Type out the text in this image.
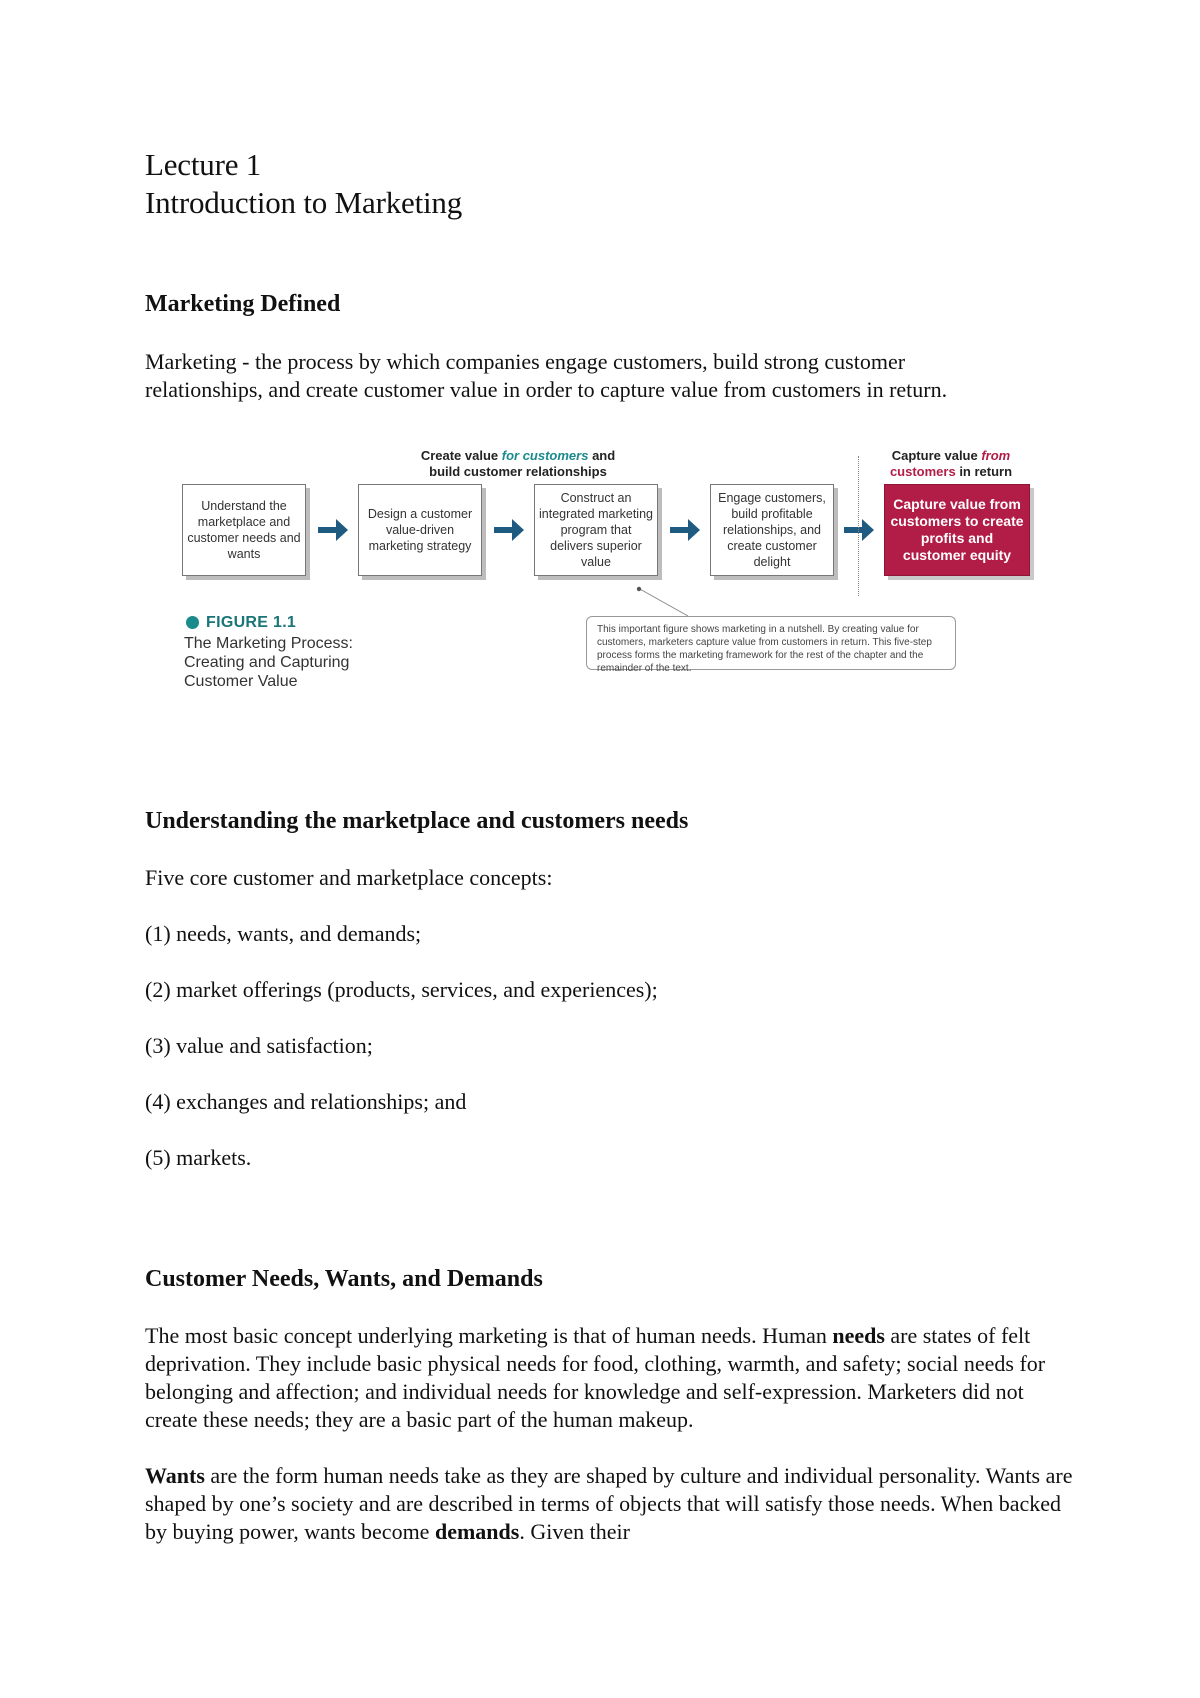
Lecture 1
Introduction to Marketing
Marketing Defined
Marketing - the process by which companies engage customers, build strong customer
relationships, and create customer value in order to capture value from customers in return.
Create value for customers and
build customer relationships
Capture value from
customers in return
Understand the marketplace and customer needs and wants
Design a customer value-driven marketing strategy
Construct an integrated marketing program that delivers superior value
Engage customers, build profitable relationships, and create customer delight
Capture value from customers to create profits and customer equity
FIGURE 1.1
The Marketing Process: Creating and Capturing Customer Value
This important figure shows marketing in a nutshell. By creating value for customers, marketers capture value from customers in return. This five-step process forms the marketing framework for the rest of the chapter and the remainder of the text.
Understanding the marketplace and customers needs
Five core customer and marketplace concepts:
(1) needs, wants, and demands;
(2) market offerings (products, services, and experiences);
(3) value and satisfaction;
(4) exchanges and relationships; and
(5) markets.
Customer Needs, Wants, and Demands
The most basic concept underlying marketing is that of human needs. Human needs are states of felt deprivation. They include basic physical needs for food, clothing, warmth, and safety; social needs for belonging and affection; and individual needs for knowledge and self-expression. Marketers did not create these needs; they are a basic part of the human makeup.
Wants are the form human needs take as they are shaped by culture and individual personality. Wants are shaped by one’s society and are described in terms of objects that will satisfy those needs. When backed by buying power, wants become demands. Given their
